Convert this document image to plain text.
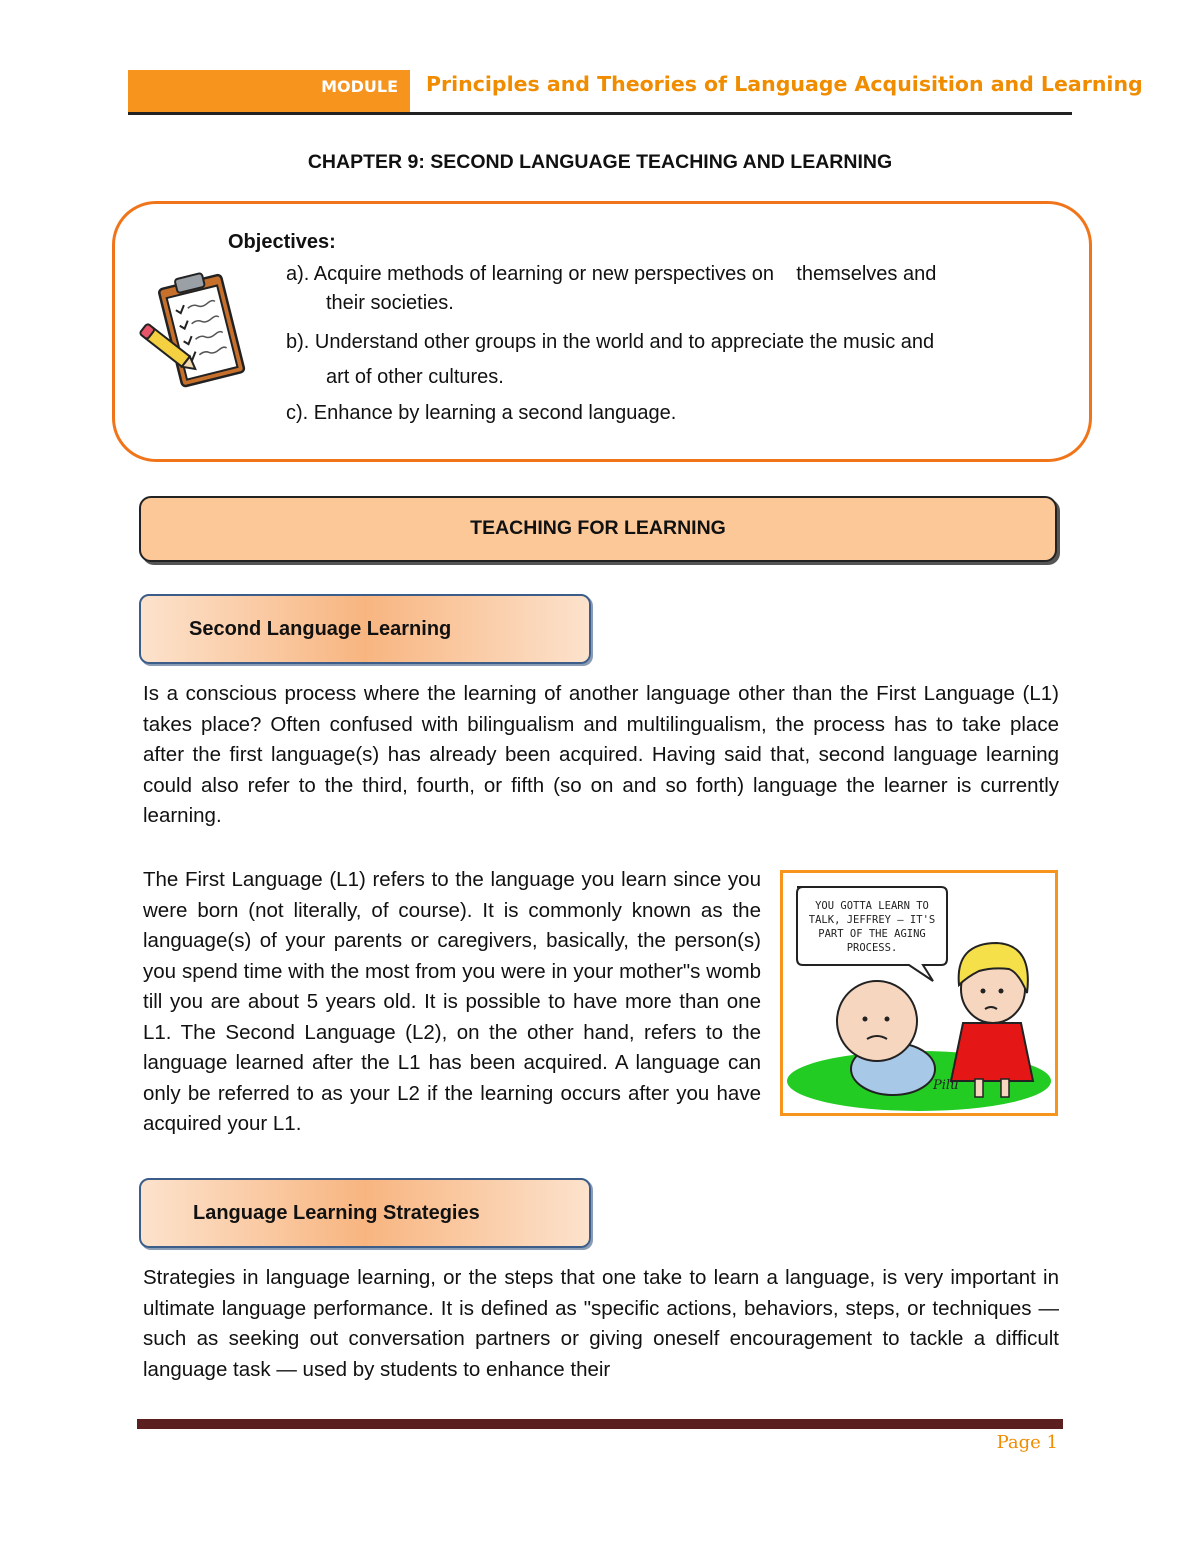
MODULE	Principles and Theories of Language Acquisition and Learning
CHAPTER 9: SECOND LANGUAGE TEACHING AND LEARNING
Objectives:
a). Acquire methods of learning or new perspectives on    themselves and
their societies.
b). Understand other groups in the world and to appreciate the music and
art of other cultures.
c). Enhance by learning a second language.
TEACHING FOR LEARNING
Second Language Learning

Is a conscious process where the learning of another language other than the First Language (L1) takes place? Often confused with bilingualism and multilingualism, the process has to take place after the first language(s) has already been acquired. Having said that, second language learning could also refer to the third, fourth, or fifth (so on and so forth) language the learner is currently learning.

The First Language (L1) refers to the language you learn since you were born (not literally, of course). It is commonly known as the language(s) of your parents or caregivers, basically, the person(s) you spend time with the most from you were in your mother"s womb till you are about 5 years old. It is possible to have more than one L1. The Second Language (L2), on the other hand, refers to the language learned after the L1 has been acquired. A language can only be referred to as your L2 if the learning occurs after you have acquired your L1.

YOU GOTTA LEARN TO
TALK, JEFFREY – IT'S
PART OF THE AGING
PROCESS.
Pilu
Language Learning Strategies

Strategies in language learning, or the steps that one take to learn a language, is very important in ultimate language performance. It is defined as "specific actions, behaviors, steps, or techniques — such as seeking out conversation partners or giving oneself encouragement to tackle a difficult language task — used by students to enhance their

Page 1
